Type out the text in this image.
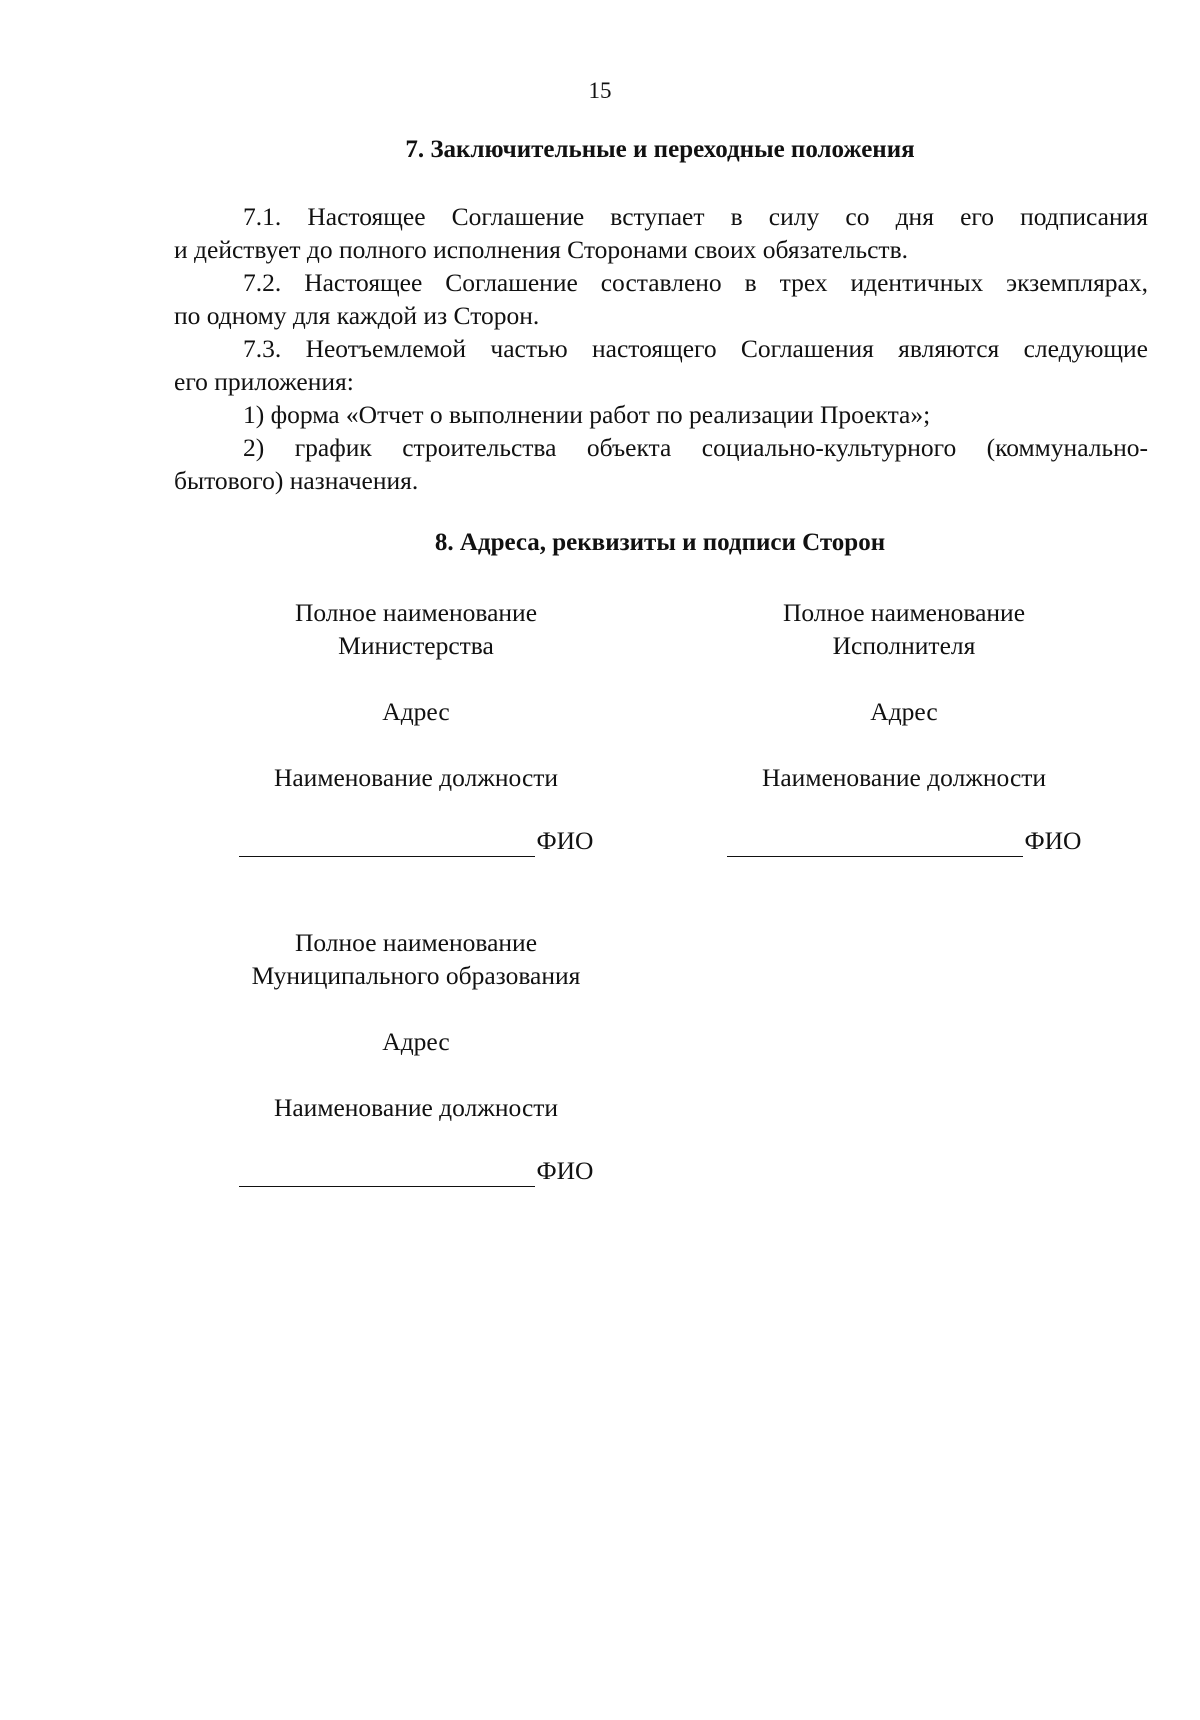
15
7. Заключительные и переходные положения

7.1. Настоящее Соглашение вступает в силу со дня его подписания

и действует до полного исполнения Сторонами своих обязательств.

7.2. Настоящее Соглашение составлено в трех идентичных экземплярах,

по одному для каждой из Сторон.

7.3. Неотъемлемой частью настоящего Соглашения являются следующие

его приложения:

1) форма «Отчет о выполнении работ по реализации Проекта»;

2) график строительства объекта социально-культурного (коммунально-

бытового) назначения.

8. Адреса, реквизиты и подписи Сторон
Полное наименование
Министерства
Адрес
Наименование должности
ФИО
Полное наименование
Исполнителя
Адрес
Наименование должности
ФИО
Полное наименование
Муниципального образования
Адрес
Наименование должности
ФИО
